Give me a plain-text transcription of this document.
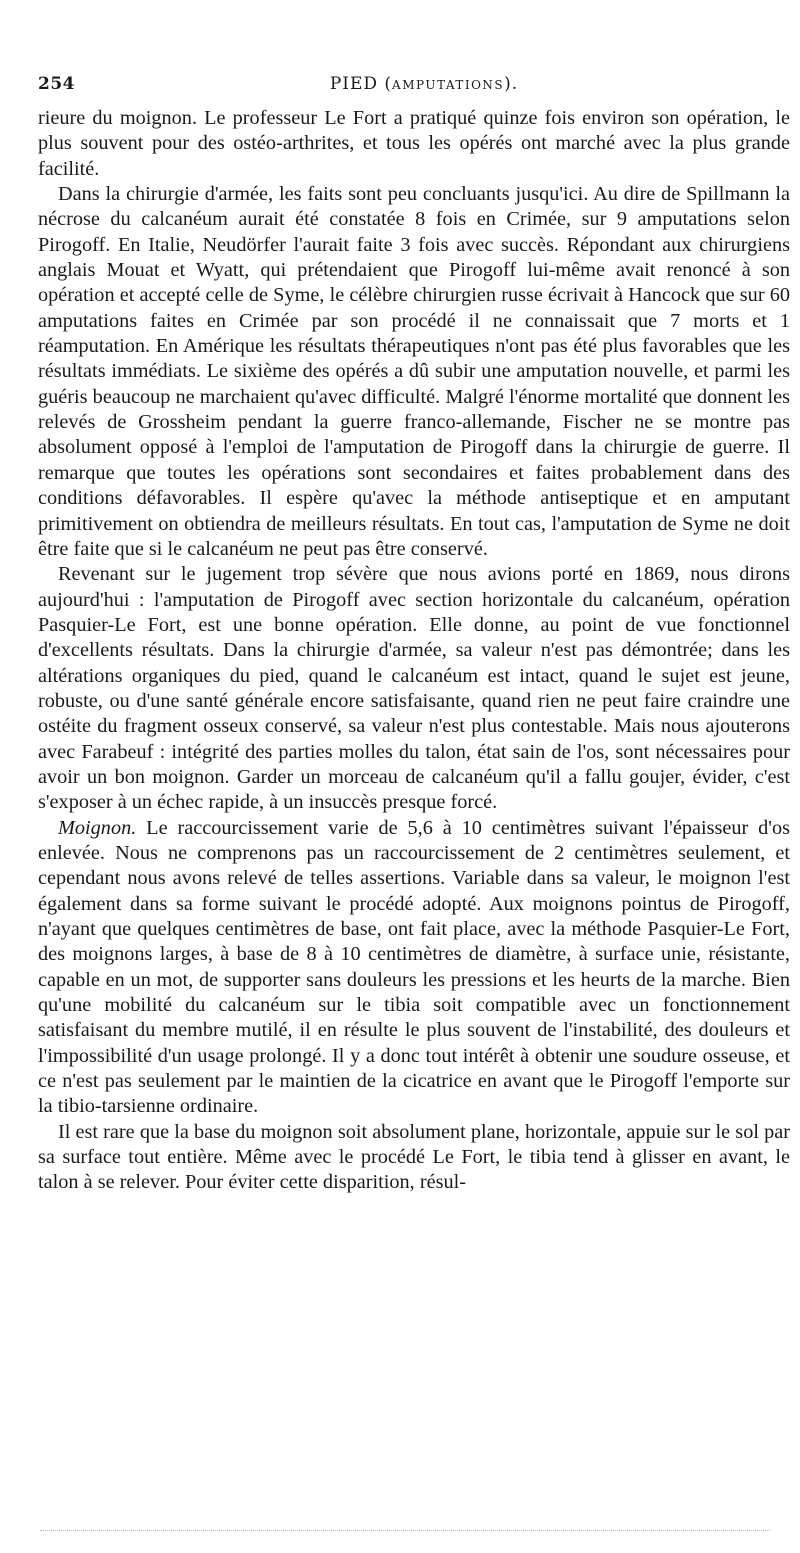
254	PIED (AMPUTATIONS).

rieure du moignon. Le professeur Le Fort a pratiqué quinze fois environ son opération, le plus souvent pour des ostéo-arthrites, et tous les opérés ont marché avec la plus grande facilité.

Dans la chirurgie d'armée, les faits sont peu concluants jusqu'ici. Au dire de Spillmann la nécrose du calcanéum aurait été constatée 8 fois en Crimée, sur 9 amputations selon Pirogoff. En Italie, Neudörfer l'aurait faite 3 fois avec succès. Répondant aux chirurgiens anglais Mouat et Wyatt, qui prétendaient que Pirogoff lui-même avait renoncé à son opération et accepté celle de Syme, le célèbre chirurgien russe écrivait à Hancock que sur 60 amputations faites en Crimée par son procédé il ne connaissait que 7 morts et 1 réamputation. En Amérique les résultats thérapeutiques n'ont pas été plus favorables que les résultats immédiats. Le sixième des opérés a dû subir une amputation nouvelle, et parmi les guéris beaucoup ne marchaient qu'avec difficulté. Malgré l'énorme mortalité que donnent les relevés de Grossheim pendant la guerre franco-allemande, Fischer ne se montre pas absolument opposé à l'emploi de l'amputation de Pirogoff dans la chirurgie de guerre. Il remarque que toutes les opérations sont secondaires et faites probablement dans des conditions défavorables. Il espère qu'avec la méthode antiseptique et en amputant primitivement on obtiendra de meilleurs résultats. En tout cas, l'amputation de Syme ne doit être faite que si le calcanéum ne peut pas être conservé.

Revenant sur le jugement trop sévère que nous avions porté en 1869, nous dirons aujourd'hui : l'amputation de Pirogoff avec section horizontale du calcanéum, opération Pasquier-Le Fort, est une bonne opération. Elle donne, au point de vue fonctionnel d'excellents résultats. Dans la chirurgie d'armée, sa valeur n'est pas démontrée; dans les altérations organiques du pied, quand le calcanéum est intact, quand le sujet est jeune, robuste, ou d'une santé générale encore satisfaisante, quand rien ne peut faire craindre une ostéite du fragment osseux conservé, sa valeur n'est plus contestable. Mais nous ajouterons avec Farabeuf : intégrité des parties molles du talon, état sain de l'os, sont nécessaires pour avoir un bon moignon. Garder un morceau de calcanéum qu'il a fallu goujer, évider, c'est s'exposer à un échec rapide, à un insuccès presque forcé.

Moignon. Le raccourcissement varie de 5,6 à 10 centimètres suivant l'épaisseur d'os enlevée. Nous ne comprenons pas un raccourcissement de 2 centimètres seulement, et cependant nous avons relevé de telles assertions. Variable dans sa valeur, le moignon l'est également dans sa forme suivant le procédé adopté. Aux moignons pointus de Pirogoff, n'ayant que quelques centimètres de base, ont fait place, avec la méthode Pasquier-Le Fort, des moignons larges, à base de 8 à 10 centimètres de diamètre, à surface unie, résistante, capable en un mot, de supporter sans douleurs les pressions et les heurts de la marche. Bien qu'une mobilité du calcanéum sur le tibia soit compatible avec un fonctionnement satisfaisant du membre mutilé, il en résulte le plus souvent de l'instabilité, des douleurs et l'impossibilité d'un usage prolongé. Il y a donc tout intérêt à obtenir une soudure osseuse, et ce n'est pas seulement par le maintien de la cicatrice en avant que le Pirogoff l'emporte sur la tibio-tarsienne ordinaire.

Il est rare que la base du moignon soit absolument plane, horizontale, appuie sur le sol par sa surface tout entière. Même avec le procédé Le Fort, le tibia tend à glisser en avant, le talon à se relever. Pour éviter cette disparition, résul-
